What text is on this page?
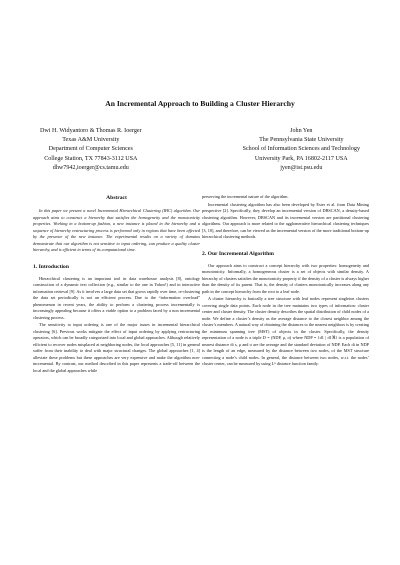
An Incremental Approach to Building a Cluster Hierarchy
Dwi H. Widyantoro & Thomas R. Ioerger
Texas A&M University
Department of Computer Sciences
College Station, TX 77843-3112 USA
dhw7942,ioerger@cs.tamu.edu
John Yen
The Pennsylvania State University
School of Information Sciences and Technology
University Park, PA 16802-2117 USA
jyen@ist.psu.edu
Abstract

In this paper we present a novel Incremental Hierarchical Clustering (IHC) algorithm. Our approach aims to construct a hierarchy that satisfies the homogeneity and the monotonicity properties. Working in a bottom-up fashion, a new instance is placed in the hierarchy and a sequence of hierarchy restructuring process is performed only in regions that have been affected by the presence of the new instance. The experimental results on a variety of domains demonstrate that our algorithm is not sensitive to input ordering, can produce a quality cluster hierarchy, and is efficient in terms of its computational time.

1. Introduction

Hierarchical clustering is an important tool in data warehouse analysis [8], ontology construction of a dynamic text collection (e.g., similar to the one in Yahoo!) and in interactive information retrieval [9]. As it involves a large data set that grows rapidly over time, re-clustering the data set periodically is not an efficient process. Due to the “information overload” phenomenon in recent years, the ability to perform a clustering process incrementally is increasingly appealing because it offers a viable option to a problem faced by a non incremental clustering process.

The sensitivity to input ordering is one of the major issues in incremental hierarchical clustering [6]. Previous works mitigate the effect of input ordering by applying restructuring operators, which can be broadly categorized into local and global approaches. Although relatively efficient to recover nodes misplaced at neighboring nodes, the local approaches [5, 11] in general suffer from their inability to deal with major structural changes. The global approaches [1, 4] alleviate these problems but these approaches are very expensive and make the algorithm non-incremental. By contrast, our method described in this paper represents a trade-off between the local and the global approaches while

preserving the incremental nature of the algorithm.

Incremental clustering algorithm has also been developed by Ester et al. from Data Mining perspective [2]. Specifically, they develop an incremental version of DBSCAN, a density-based clustering algorithm. However, DBSCAN and its incremental version are partitional clustering algorithms. Our approach is more related to the agglomerative hierarchical clustering techniques [3, 10], and therefore, can be viewed as the incremental version of the more traditional bottom-up hierarchical clustering methods.

2. Our Incremental Algorithm

Our approach aims to construct a concept hierarchy with two properties: homogeneity and monotonicity. Informally, a homogeneous cluster is a set of objects with similar density. A hierarchy of clusters satisfies the monotonicity property if the density of a cluster is always higher than the density of its parent. That is, the density of clusters monotonically increases along any path in the concept hierarchy from the root to a leaf node.

A cluster hierarchy is basically a tree structure with leaf nodes represent singleton clusters covering single data points. Each node in the tree maintains two types of information: cluster center and cluster density. The cluster density describes the spatial distribution of child nodes of a node. We define a cluster’s density as the average distance to the closest neighbor among the cluster’s members. A natural way of obtaining the distances to the nearest neighbors is by creating the minimum spanning tree (MST) of objects in the cluster. Specifically, the density representation of a node is a triple D = (NDP, μ, σ) where NDP = {d1 | d1ℜ} is a population of nearest distance di s, μ and σ are the average and the standard deviation of NDP. Each di in NDP is the length of an edge, measured by the distance between two nodes, of the MST structure connecting a node’s child nodes. In general, the distance between two nodes, w.r.t. the nodes’ cluster center, can be measured by using Lⁿ distance function family.
